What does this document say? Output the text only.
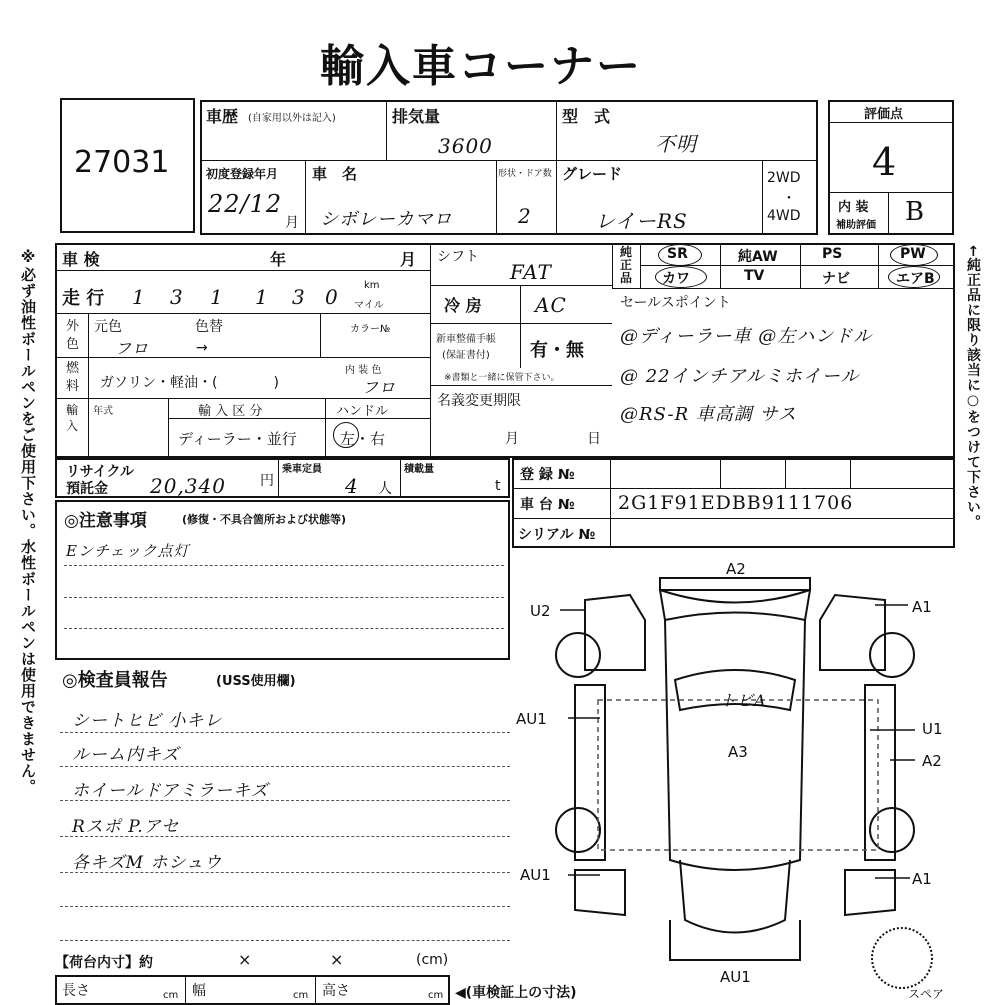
輸入車コーナー
27031
※必ず油性ボールペンをご使用下さい。水性ボールペンは使用できません。
車歴 (自家用以外は記入)	排気量
3600
型　式
不明
初度登録年月
22/12
月
車　名
シボレーカマロ
形状・ドア数
2
グレード
レイーRS
2WD
・
4WD
評価点
4
内 装
補助評価 B
車 検	年	月
走 行 1 3 1 1 3 0	km
マイル
外色
元色	色替	カラー№
フロ	→
燃料 ガソリン・軽油・(　　　　)
内 装 色
フロ
輸入
年式	輸 入 区 分
ディーラー・並行
ハンドル
左・右
シフト
FAT
冷 房	AC
新車整備手帳
(保証書付) 有・無
※書類と一緒に保管下さい。
名義変更期限
月	日
純正品
SR	純AW	PS	PW
カワ	TV	ナビ	エアB ←純正品に限り該当に○をつけて下さい。
セールスポイント
@ディーラー車 @左ハンドル
@ 22インチアルミホイール
@RS-R 車高調 サス
リサイクル
預託金 20,340 円
乗車定員
4 人
積載量
t
登 録 №
車 台 № 2G1F91EDBB9111706
シリアル №
◎注意事項	(修復・不具合箇所および状態等)
Eンチェック点灯
◎検査員報告	(USS使用欄)
シートヒビ 小キレ
ルーム内キズ
ホイールドアミラーキズ
Rスポ P.アセ
各キズM ホシュウ
【荷台内寸】約	×	×	(cm)
長さ	cm 幅	cm 高さ	cm ◀(車検証上の寸法)
A2
トビA
A3
U2
AU1
AU1
A1
U1
A2
A1
AU1
スペア
